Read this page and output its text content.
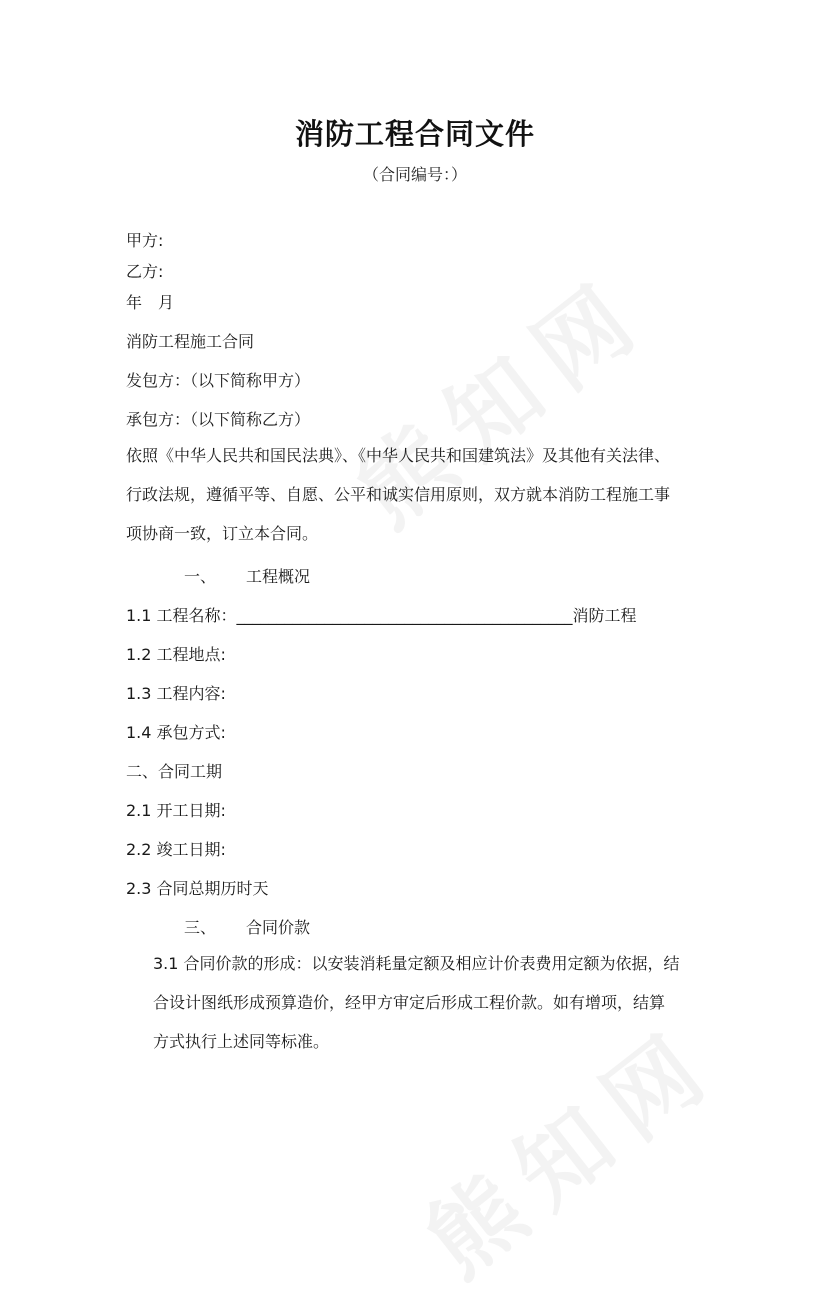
消防工程合同文件
（合同编号：）
甲方:
乙方:
年　月
消防工程施工合同
发包方：（以下简称甲方）
承包方：（以下简称乙方）
依照《中华人民共和国民法典》、《中华人民共和国建筑法》及其他有关法律、
行政法规，遵循平等、自愿、公平和诚实信用原则，双方就本消防工程施工事
项协商一致，订立本合同。
一、 工程概况
1.1 工程名称：__________________________________________消防工程
1.2 工程地点:
1.3 工程内容:
1.4 承包方式:
二、合同工期
2.1 开工日期:
2.2 竣工日期:
2.3 合同总期历时天
三、 合同价款
3.1 合同价款的形成：以安装消耗量定额及相应计价表费用定额为依据，结
合设计图纸形成预算造价，经甲方审定后形成工程价款。如有增项，结算
方式执行上述同等标准。
